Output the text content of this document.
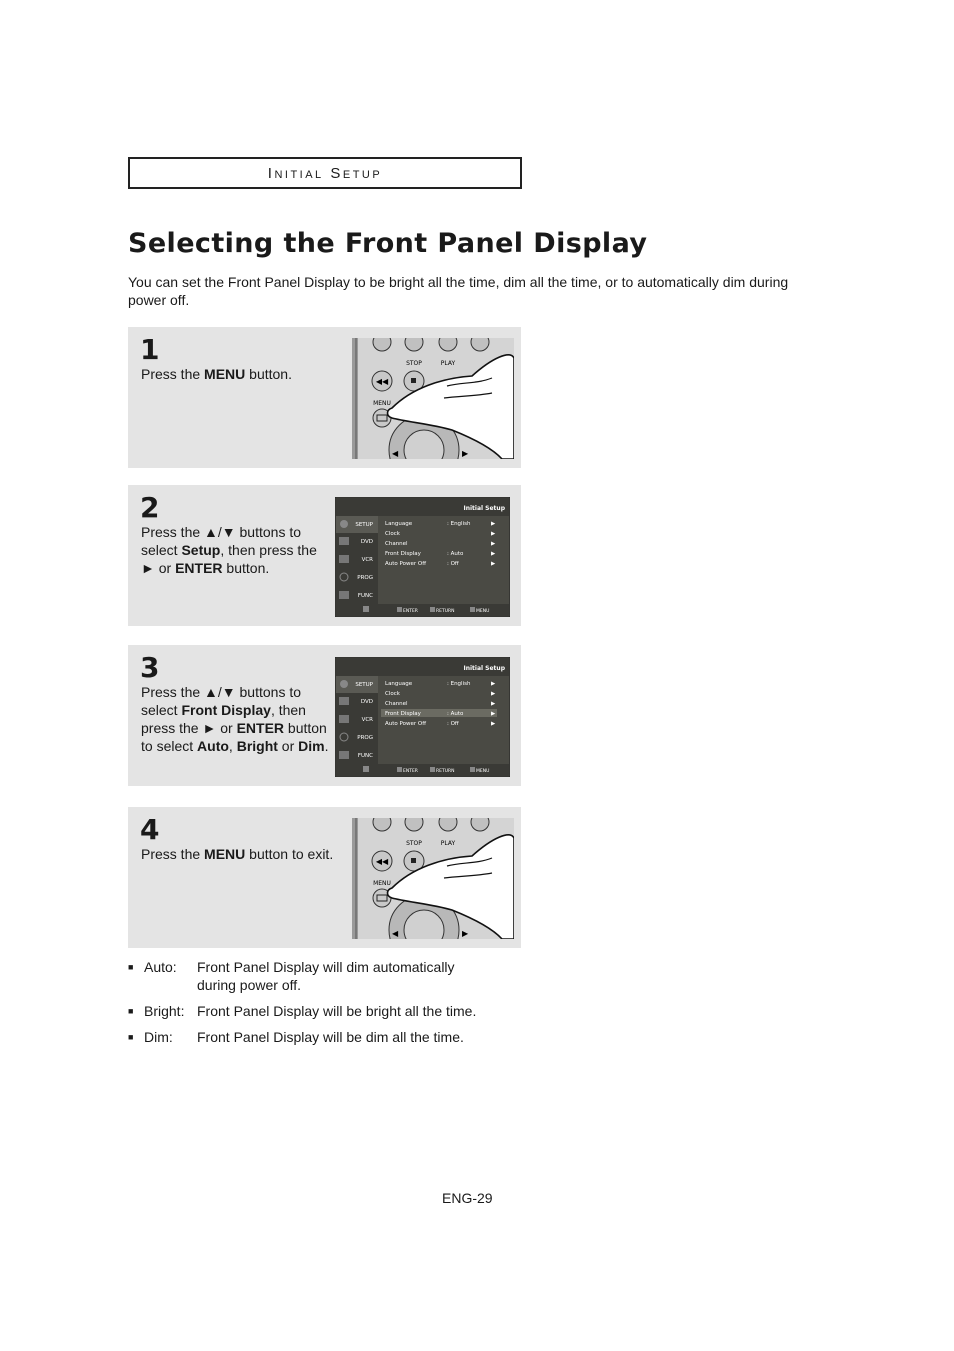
Initial Setup
Selecting the Front Panel Display
You can set the Front Panel Display to be bright all the time, dim all the time, or to automatically dim during power off.
1
Press the MENU button.
STOP	PLAY
◀◀
MENU
◀	▶
2
Press the ▲/▼ buttons to select Setup, then press the ► or ENTER button.
Initial Setup
SETUP
DVD
VCR
PROG
FUNC
Language	: English
Clock
Channel
Front Display	: Auto
Auto Power Off	: Off
▶
▶
▶
▶
▶
ENTER	RETURN	MENU
3
Press the ▲/▼ buttons to select Front Display, then press the ► or ENTER button to select Auto, Bright or Dim.
Initial Setup
SETUP
DVD
VCR
PROG
FUNC
Language	: English
Clock
Channel
Front Display	: Auto
Auto Power Off	: Off
▶
▶
▶
▶
▶
ENTER	RETURN	MENU
4
Press the MENU button to exit.
STOP	PLAY
◀◀
MENU
◀	▶
■ Auto:	Front Panel Display will dim automatically during power off.
■ Bright: Front Panel Display will be bright all the time.
■ Dim:	Front Panel Display will be dim all the time.
ENG-29
